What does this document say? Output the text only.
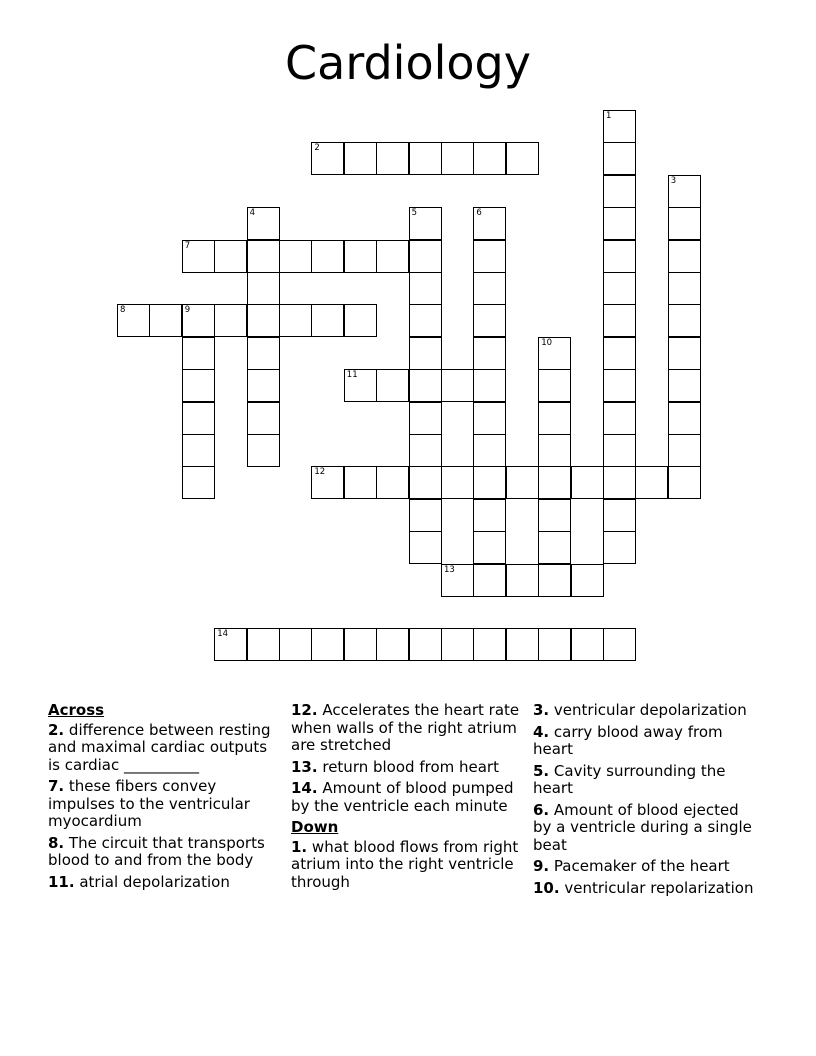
Cardiology
1
2
3
4	5	6
7
8	9
10
11
12
13
14
Across
2. difference between resting and maximal cardiac outputs is cardiac __________
7. these fibers convey impulses to the ventricular myocardium
8. The circuit that transports blood to and from the body
11. atrial depolarization
12. Accelerates the heart rate when walls of the right atrium are stretched
13. return blood from heart
14. Amount of blood pumped by the ventricle each minute
Down
1. what blood flows from right atrium into the right ventricle through
3. ventricular depolarization
4. carry blood away from heart
5. Cavity surrounding the heart
6. Amount of blood ejected by a ventricle during a single beat
9. Pacemaker of the heart
10. ventricular repolarization
